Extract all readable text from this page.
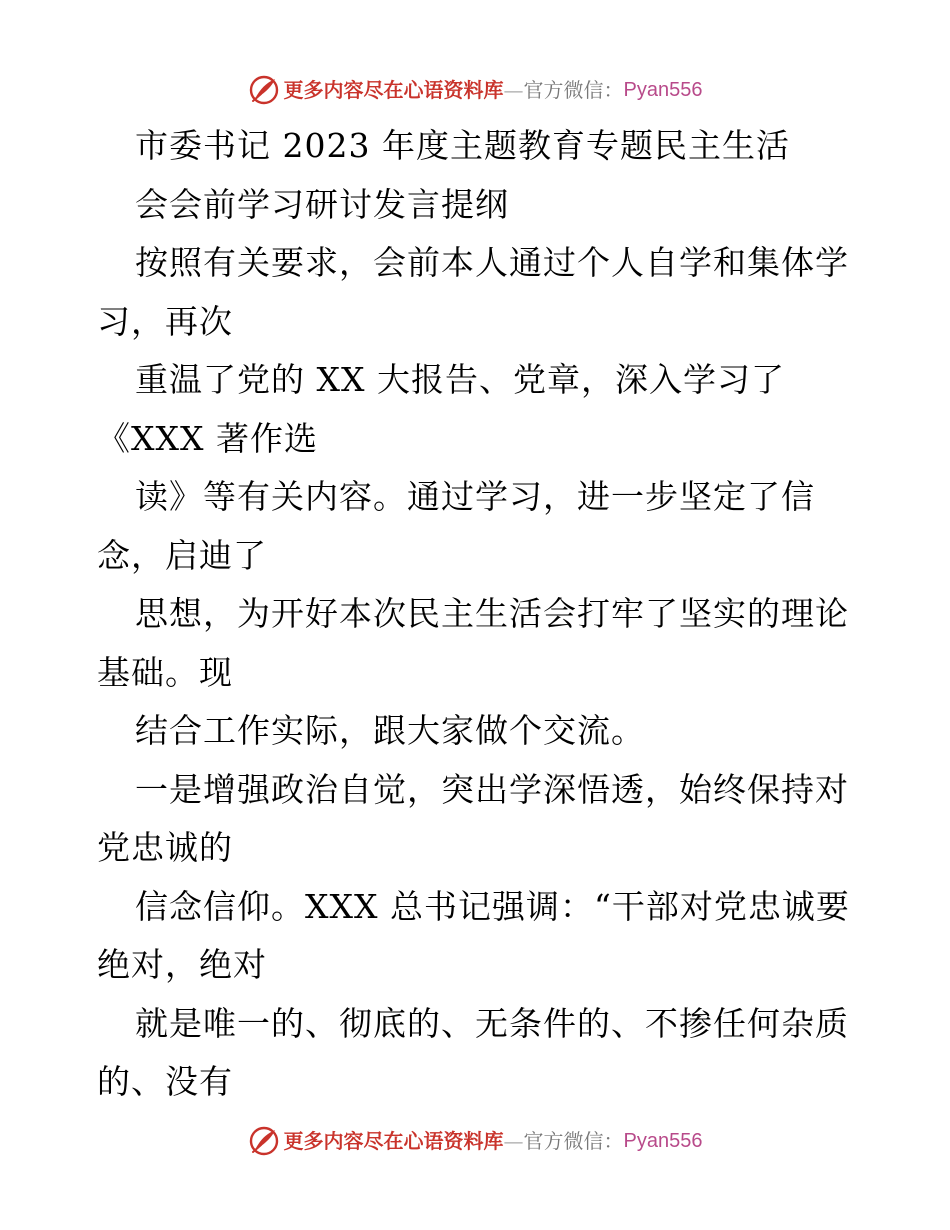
更多内容尽在心语资料库 — 官方微信： Pyan556

市委书记 2023 年度主题教育专题民主生活

会会前学习研讨发言提纲

按照有关要求，会前本人通过个人自学和集体学

习，再次

重温了党的 XX 大报告、党章，深入学习了

《XXX 著作选

读》等有关内容。通过学习，进一步坚定了信

念，启迪了

思想，为开好本次民主生活会打牢了坚实的理论

基础。现

结合工作实际，跟大家做个交流。

一是增强政治自觉，突出学深悟透，始终保持对

党忠诚的

信念信仰。XXX 总书记强调：“干部对党忠诚要

绝对，绝对

就是唯一的、彻底的、无条件的、不掺任何杂质

的、没有

更多内容尽在心语资料库 — 官方微信： Pyan556
